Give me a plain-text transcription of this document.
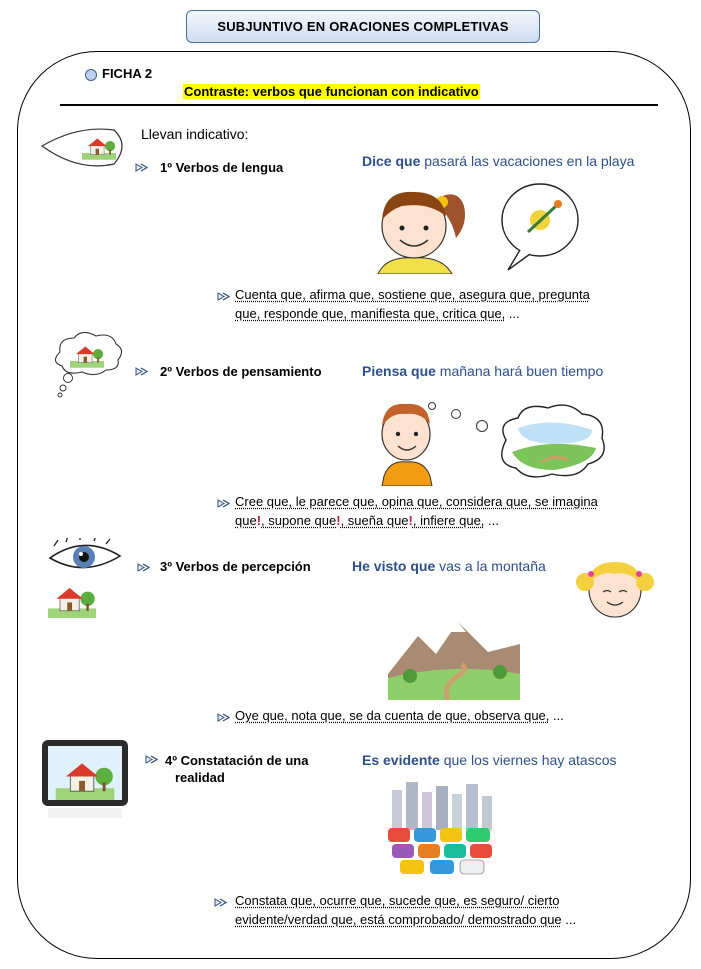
SUBJUNTIVO EN ORACIONES COMPLETIVAS
FICHA 2
Contraste: verbos que funcionan con indicativo
Llevan indicativo:
1º Verbos de lengua	Dice que pasará las vacaciones en la playa
Cuenta que, afirma que, sostiene que, asegura que, pregunta
que, responde que, manifiesta que, critica que, ...
2º Verbos de pensamiento	Piensa que mañana hará buen tiempo
Cree que, le parece que, opina que, considera que, se imagina
que!, supone que!, sueña que!, infiere que, ...
3º Verbos de percepción	He visto que vas a la montaña
Oye que, nota que, se da cuenta de que, observa que, ...
4º Constatación de una
realidad
Es evidente que los viernes hay atascos
Constata que, ocurre que, sucede que, es seguro/ cierto
evidente/verdad que, está comprobado/ demostrado que ...
